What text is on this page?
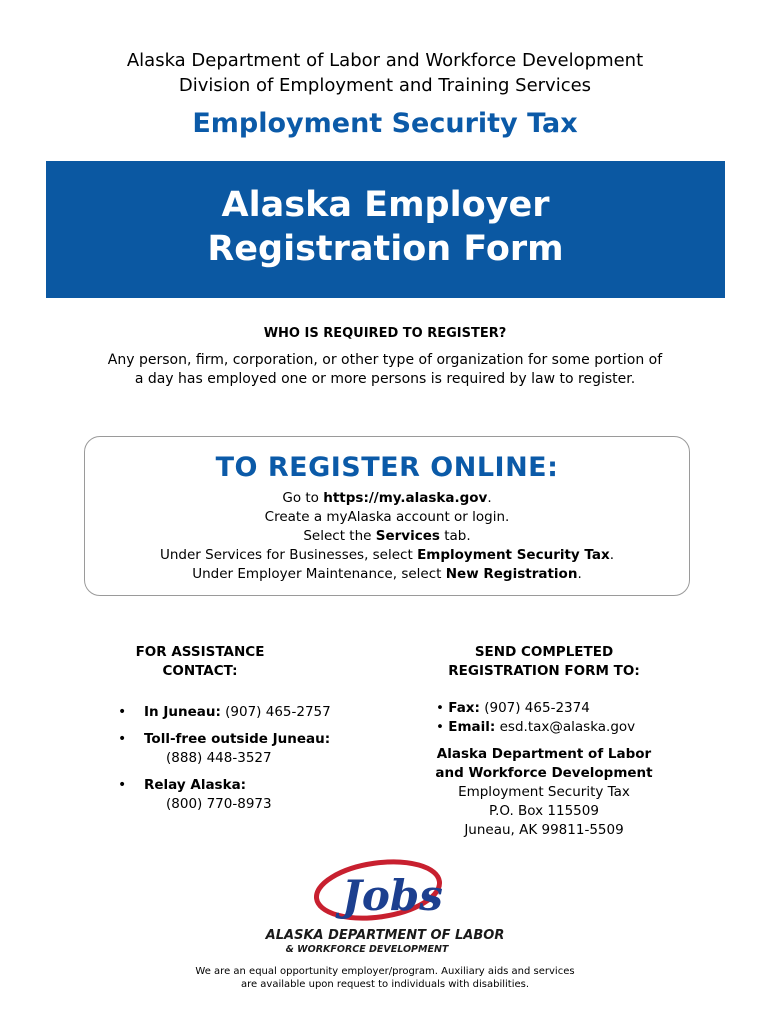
Alaska Department of Labor and Workforce Development
Division of Employment and Training Services
Employment Security Tax
Alaska Employer
Registration Form
WHO IS REQUIRED TO REGISTER?
Any person, firm, corporation, or other type of organization for some portion of a day has employed one or more persons is required by law to register.
TO REGISTER ONLINE:
Go to https://my.alaska.gov.
Create a myAlaska account or login.
Select the Services tab.
Under Services for Businesses, select Employment Security Tax.
Under Employer Maintenance, select New Registration.
FOR ASSISTANCE
CONTACT:
• In Juneau: (907) 465-2757
• Toll-free outside Juneau:
(888) 448-3527
• Relay Alaska:
(800) 770-8973
SEND COMPLETED
REGISTRATION FORM TO:
• Fax: (907) 465-2374
• Email: esd.tax@alaska.gov
Alaska Department of Labor
and Workforce Development
Employment Security Tax
P.O. Box 115509
Juneau, AK 99811-5509
Jobs
ALASKA DEPARTMENT OF LABOR
& WORKFORCE DEVELOPMENT
We are an equal opportunity employer/program. Auxiliary aids and services
are available upon request to individuals with disabilities.
